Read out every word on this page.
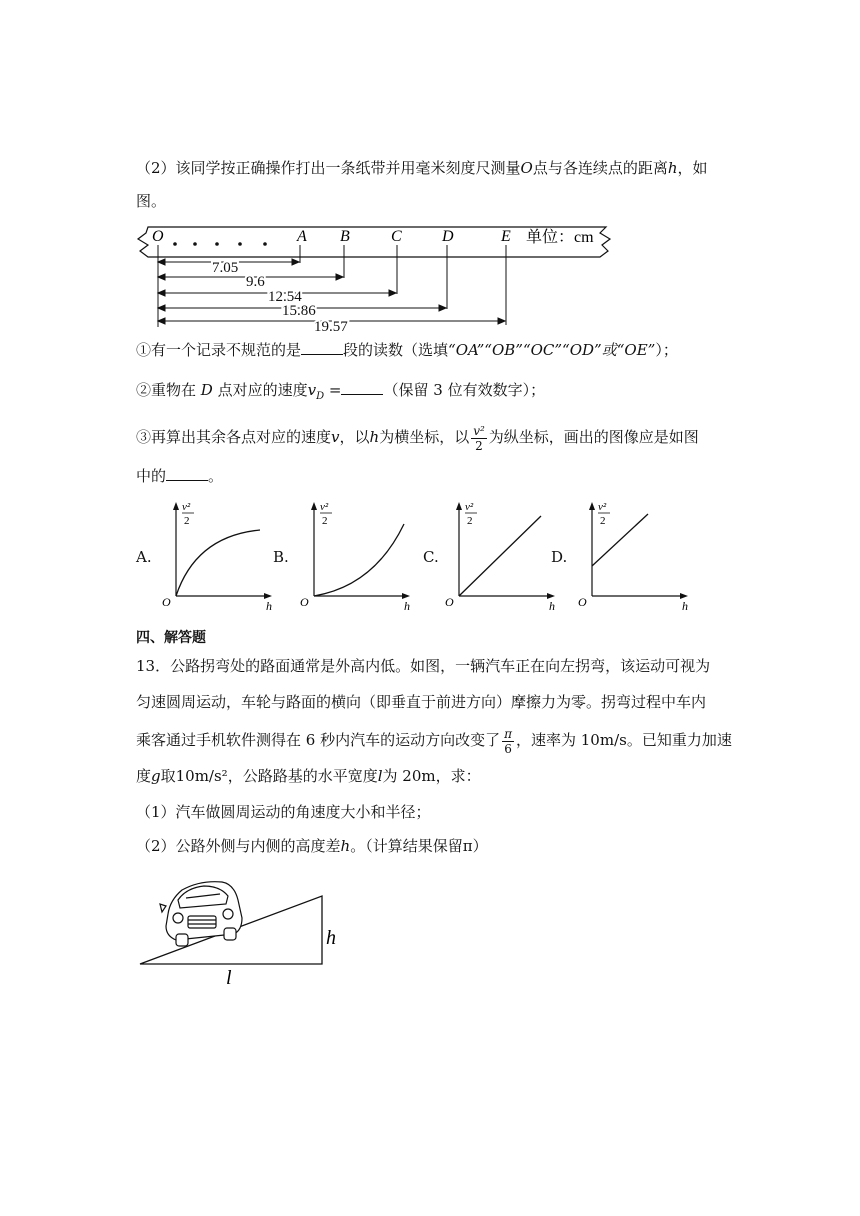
（2）该同学按正确操作打出一条纸带并用毫米刻度尺测量O点与各连续点的距离h，如
图。
O	A B	C	D	E 单位：cm
7.05
9.6
12.54
15.86
19.57
①有一个记录不规范的是	段的读数（选填“OA”“OB”“OC”“OD”或“OE”）；
②重物在 D 点对应的速度$v_D$ =	（保留 3 位有效数字）；
③再算出其余各点对应的速度v，以h为横坐标，以 $\frac{\text{v²}}{2}$ 为纵坐标，画出的图像应是如图
中的	。
A.	B.	C.	D.
v²
2
h
O
v²
2
h
O
v²
2
h
O
v²
2
h
O
四、解答题
13．公路拐弯处的路面通常是外高内低。如图，一辆汽车正在向左拐弯，该运动可视为
匀速圆周运动，车轮与路面的横向（即垂直于前进方向）摩擦力为零。拐弯过程中车内
乘客通过手机软件测得在 6 秒内汽车的运动方向改变了 $\frac{\pi}{6}$ ，速率为 10m/s。已知重力加速
度g取10m/s²，公路路基的水平宽度l为 20m，求：
（1）汽车做圆周运动的角速度大小和半径；
（2）公路外侧与内侧的高度差h。（计算结果保留π）
h
l
